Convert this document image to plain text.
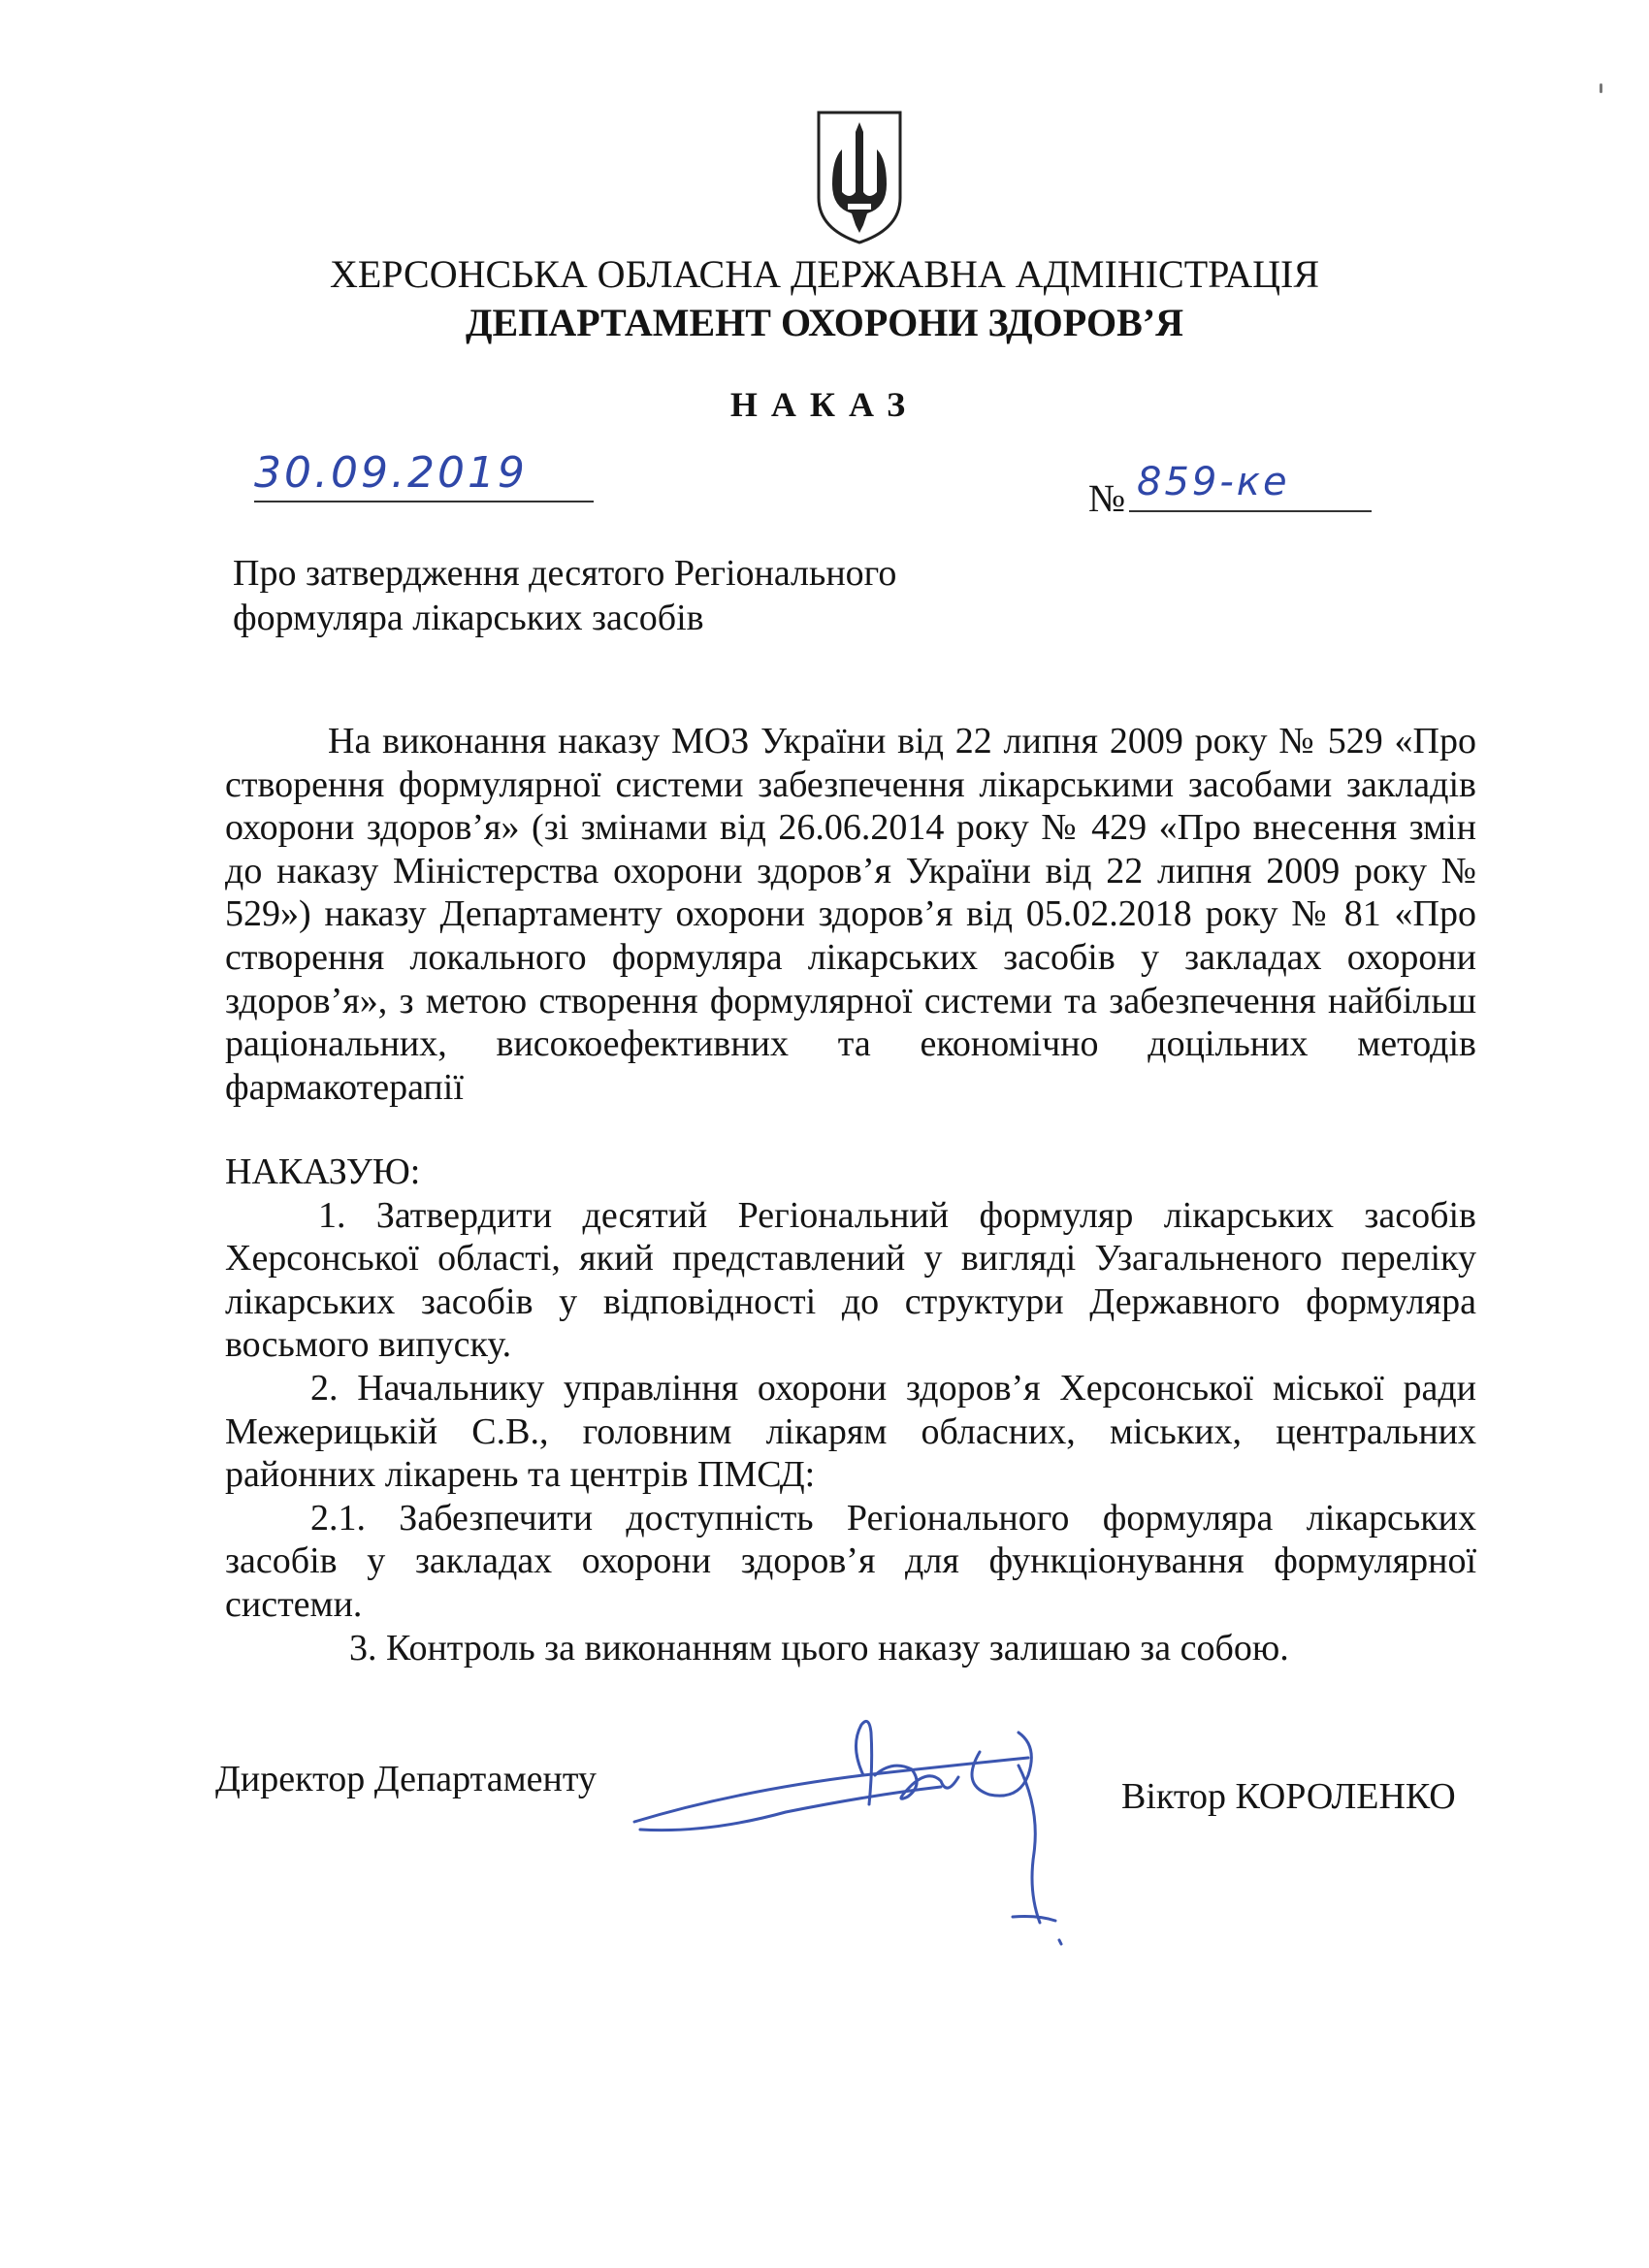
ХЕРСОНСЬКА ОБЛАСНА ДЕРЖАВНА АДМІНІСТРАЦІЯ
ДЕПАРТАМЕНТ ОХОРОНИ ЗДОРОВ’Я
НАКАЗ
30.09.2019
№ 859-ке
Про затвердження десятого Регіонального
формуляра лікарських засобів

На виконання наказу МОЗ України від 22 липня 2009 року № 529 «Про створення формулярної системи забезпечення лікарськими засобами закладів охорони здоров’я» (зі змінами від 26.06.2014 року № 429 «Про внесення змін до наказу Міністерства охорони здоров’я України від 22 липня 2009 року № 529») наказу Департаменту охорони здоров’я від 05.02.2018 року № 81 «Про створення локального формуляра лікарських засобів у закладах охорони здоров’я», з метою створення формулярної системи та забезпечення найбільш раціональних, високоефективних та економічно доцільних методів фармакотерапії

НАКАЗУЮ:

1. Затвердити десятий Регіональний формуляр лікарських засобів Херсонської області, який представлений у вигляді Узагальненого переліку лікарських засобів у відповідності до структури Державного формуляра восьмого випуску.

2. Начальнику управління охорони здоров’я Херсонської міської ради Межерицькій С.В., головним лікарям обласних, міських, центральних районних лікарень та центрів ПМСД:

2.1. Забезпечити доступність Регіонального формуляра лікарських засобів у закладах охорони здоров’я для функціонування формулярної системи.

3. Контроль за виконанням цього наказу залишаю за собою.

Директор Департаменту	Віктор КОРОЛЕНКО
